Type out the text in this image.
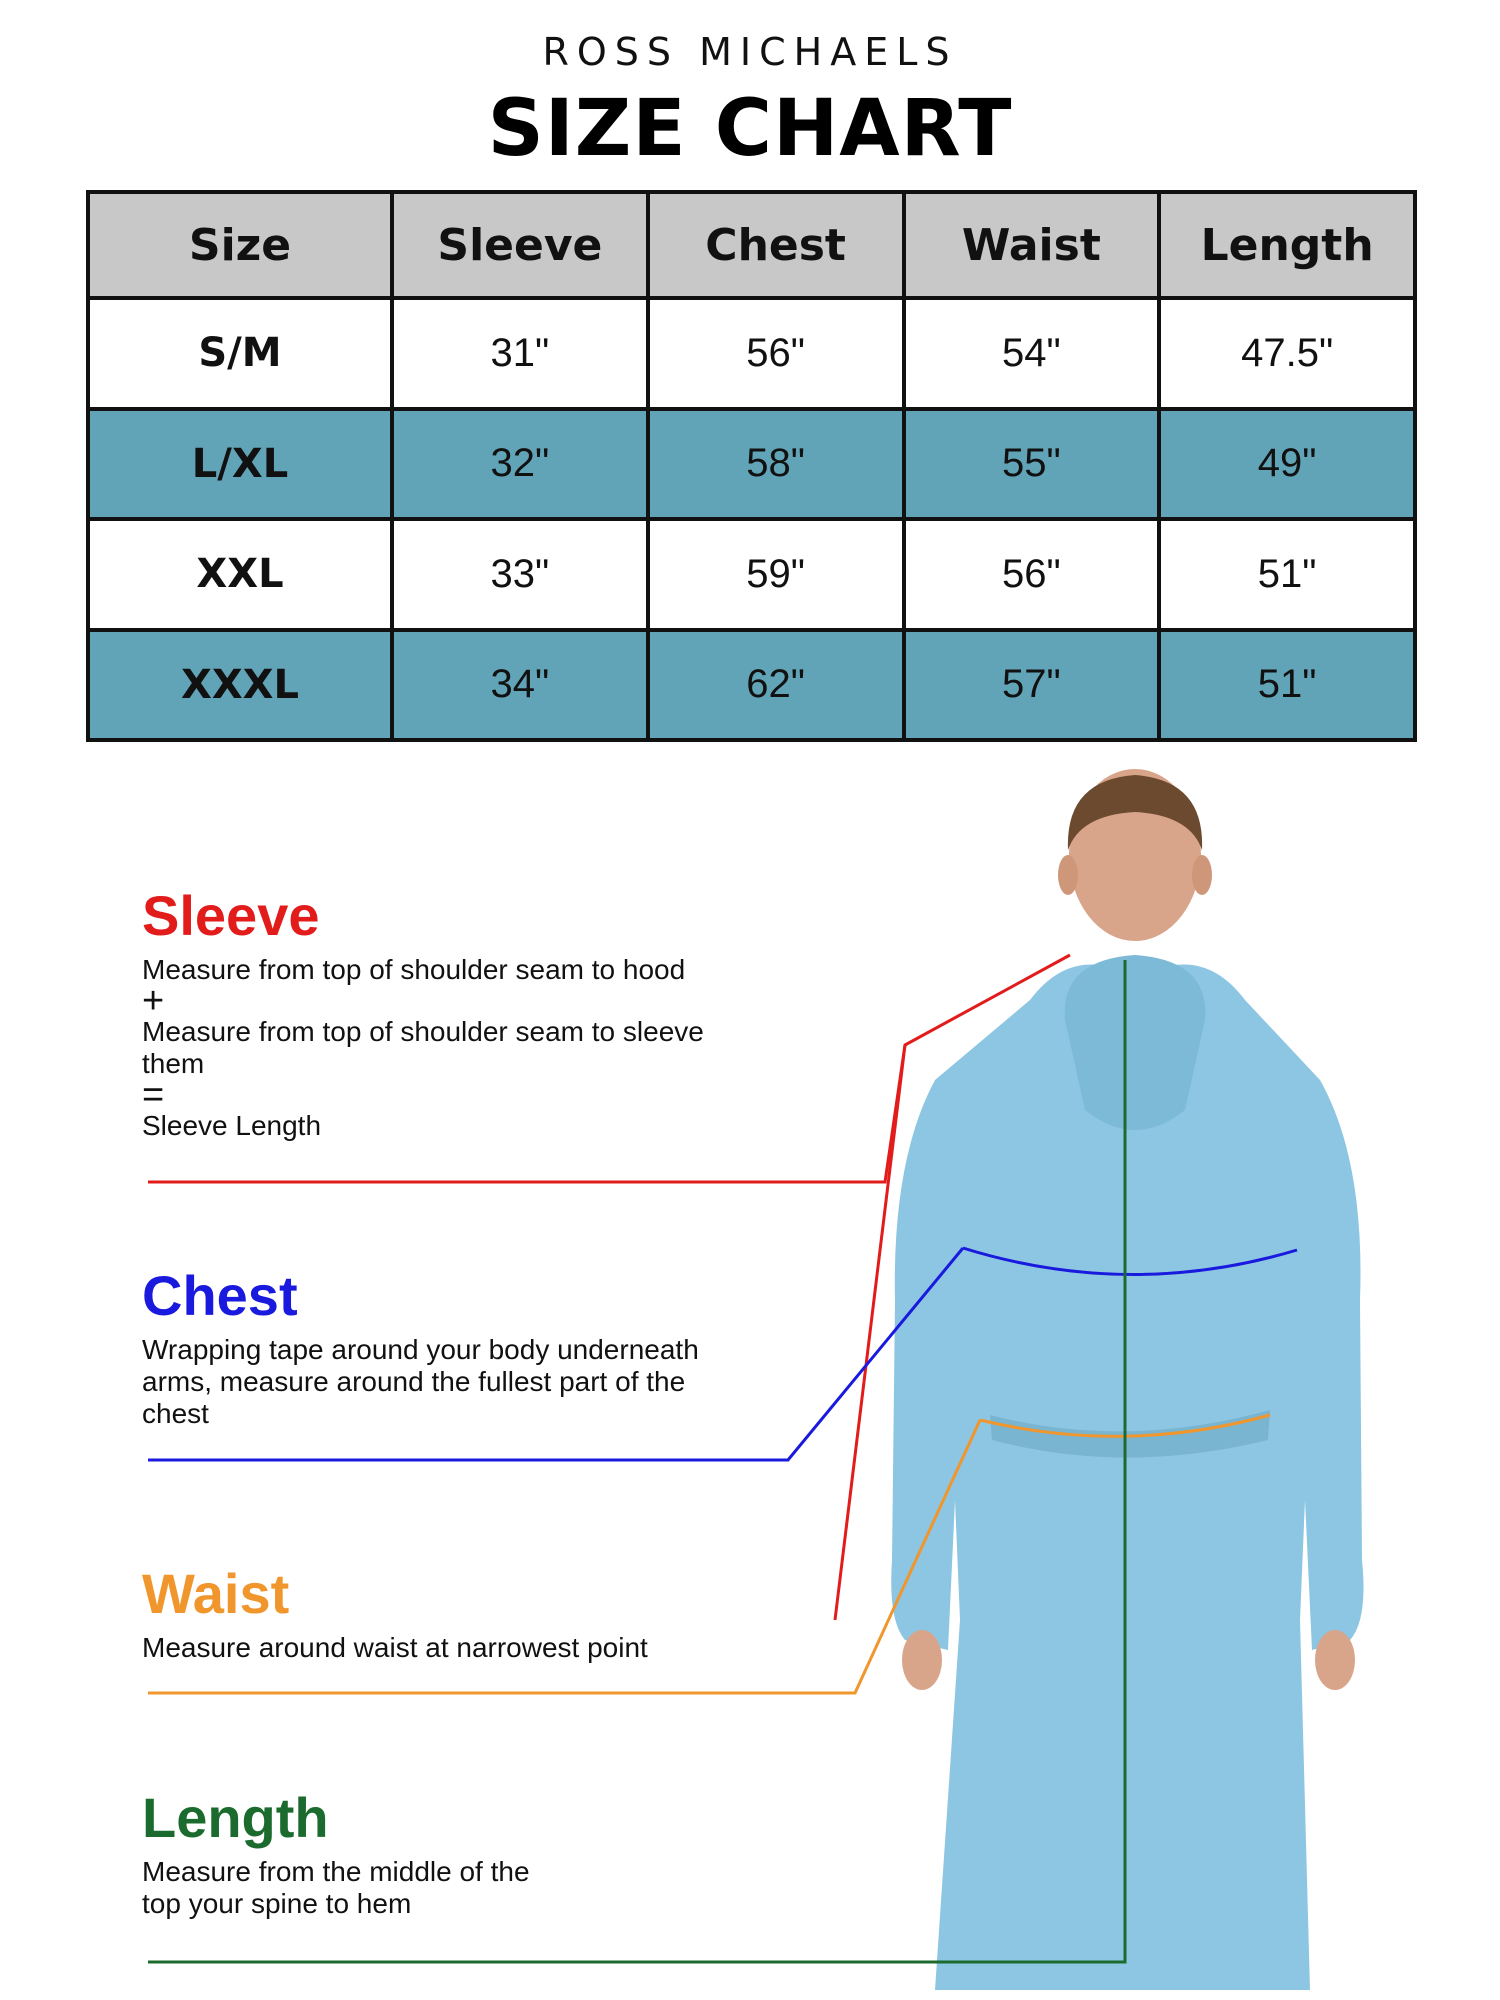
ROSS MICHAELS
SIZE CHART
Size	Sleeve	Chest	Waist	Length
S/M	31"	56"	54"	47.5"
L/XL	32"	58"	55"	49"
XXL	33"	59"	56"	51"
XXXL	34"	62"	57"	51"
Sleeve
Measure from top of shoulder seam to hood
+
Measure from top of shoulder seam to sleeve them
=
Sleeve Length
Chest
Wrapping tape around your body underneath arms, measure around the fullest part of the chest
Waist
Measure around waist at narrowest point
Length
Measure from the middle of the top your spine to hem
